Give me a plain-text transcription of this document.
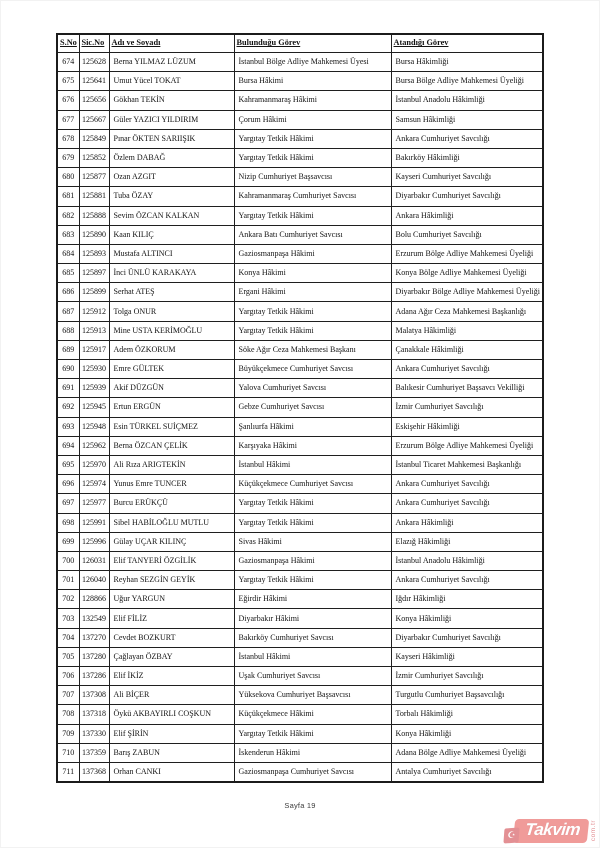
S.No	Sic.No	Adı ve Soyadı	Bulunduğu Görev	Atandığı Görev
674	125628	Berna YILMAZ LÜZUM	İstanbul Bölge Adliye Mahkemesi Üyesi	Bursa Hâkimliği
675	125641	Umut Yücel TOKAT	Bursa Hâkimi	Bursa Bölge Adliye Mahkemesi Üyeliği
676	125656	Gökhan TEKİN	Kahramanmaraş Hâkimi	İstanbul Anadolu Hâkimliği
677	125667	Güler YAZICI YILDIRIM	Çorum Hâkimi	Samsun Hâkimliği
678	125849	Pınar ÖKTEN SARIIŞIK	Yargıtay Tetkik Hâkimi	Ankara Cumhuriyet Savcılığı
679	125852	Özlem DABAĞ	Yargıtay Tetkik Hâkimi	Bakırköy Hâkimliği
680	125877	Ozan AZGIT	Nizip Cumhuriyet Başsavcısı	Kayseri Cumhuriyet Savcılığı
681	125881	Tuba ÖZAY	Kahramanmaraş Cumhuriyet Savcısı	Diyarbakır Cumhuriyet Savcılığı
682	125888	Sevim ÖZCAN KALKAN	Yargıtay Tetkik Hâkimi	Ankara Hâkimliği
683	125890	Kaan KILIÇ	Ankara Batı Cumhuriyet Savcısı	Bolu Cumhuriyet Savcılığı
684	125893	Mustafa ALTINCI	Gaziosmanpaşa Hâkimi	Erzurum Bölge Adliye Mahkemesi Üyeliği
685	125897	İnci ÜNLÜ KARAKAYA	Konya Hâkimi	Konya Bölge Adliye Mahkemesi Üyeliği
686	125899	Serhat ATEŞ	Ergani Hâkimi	Diyarbakır Bölge Adliye Mahkemesi Üyeliği
687	125912	Tolga ONUR	Yargıtay Tetkik Hâkimi	Adana Ağır Ceza Mahkemesi Başkanlığı
688	125913	Mine USTA KERİMOĞLU	Yargıtay Tetkik Hâkimi	Malatya Hâkimliği
689	125917	Adem ÖZKORUM	Söke Ağır Ceza Mahkemesi Başkanı	Çanakkale Hâkimliği
690	125930	Emre GÜLTEK	Büyükçekmece Cumhuriyet Savcısı	Ankara Cumhuriyet Savcılığı
691	125939	Akif DÜZGÜN	Yalova Cumhuriyet Savcısı	Balıkesir Cumhuriyet Başsavcı Vekilliği
692	125945	Ertun ERGÜN	Gebze Cumhuriyet Savcısı	İzmir Cumhuriyet Savcılığı
693	125948	Esin TÜRKEL SUİÇMEZ	Şanlıurfa Hâkimi	Eskişehir Hâkimliği
694	125962	Berna ÖZCAN ÇELİK	Karşıyaka Hâkimi	Erzurum Bölge Adliye Mahkemesi Üyeliği
695	125970	Ali Rıza ARIGTEKİN	İstanbul Hâkimi	İstanbul Ticaret Mahkemesi Başkanlığı
696	125974	Yunus Emre TUNCER	Küçükçekmece Cumhuriyet Savcısı	Ankara Cumhuriyet Savcılığı
697	125977	Burcu ERÜKÇÜ	Yargıtay Tetkik Hâkimi	Ankara Cumhuriyet Savcılığı
698	125991	Sibel HABİLOĞLU MUTLU	Yargıtay Tetkik Hâkimi	Ankara Hâkimliği
699	125996	Gülay UÇAR KILINÇ	Sivas Hâkimi	Elazığ Hâkimliği
700	126031	Elif TANYERİ ÖZGİLİK	Gaziosmanpaşa Hâkimi	İstanbul Anadolu Hâkimliği
701	126040	Reyhan SEZGİN GEYİK	Yargıtay Tetkik Hâkimi	Ankara Cumhuriyet Savcılığı
702	128866	Uğur YARGUN	Eğirdir Hâkimi	Iğdır Hâkimliği
703	132549	Elif FİLİZ	Diyarbakır Hâkimi	Konya Hâkimliği
704	137270	Cevdet BOZKURT	Bakırköy Cumhuriyet Savcısı	Diyarbakır Cumhuriyet Savcılığı
705	137280	Çağlayan ÖZBAY	İstanbul Hâkimi	Kayseri Hâkimliği
706	137286	Elif İKİZ	Uşak Cumhuriyet Savcısı	İzmir Cumhuriyet Savcılığı
707	137308	Ali BİÇER	Yüksekova Cumhuriyet Başsavcısı	Turgutlu Cumhuriyet Başsavcılığı
708	137318	Öykü AKBAYIRLI COŞKUN	Küçükçekmece Hâkimi	Torbalı Hâkimliği
709	137330	Elif ŞİRİN	Yargıtay Tetkik Hâkimi	Konya Hâkimliği
710	137359	Barış ZABUN	İskenderun Hâkimi	Adana Bölge Adliye Mahkemesi Üyeliği
711	137368	Orhan CANKI	Gaziosmanpaşa Cumhuriyet Savcısı	Antalya Cumhuriyet Savcılığı
Sayfa 19
☪ Takvim	com.tr
